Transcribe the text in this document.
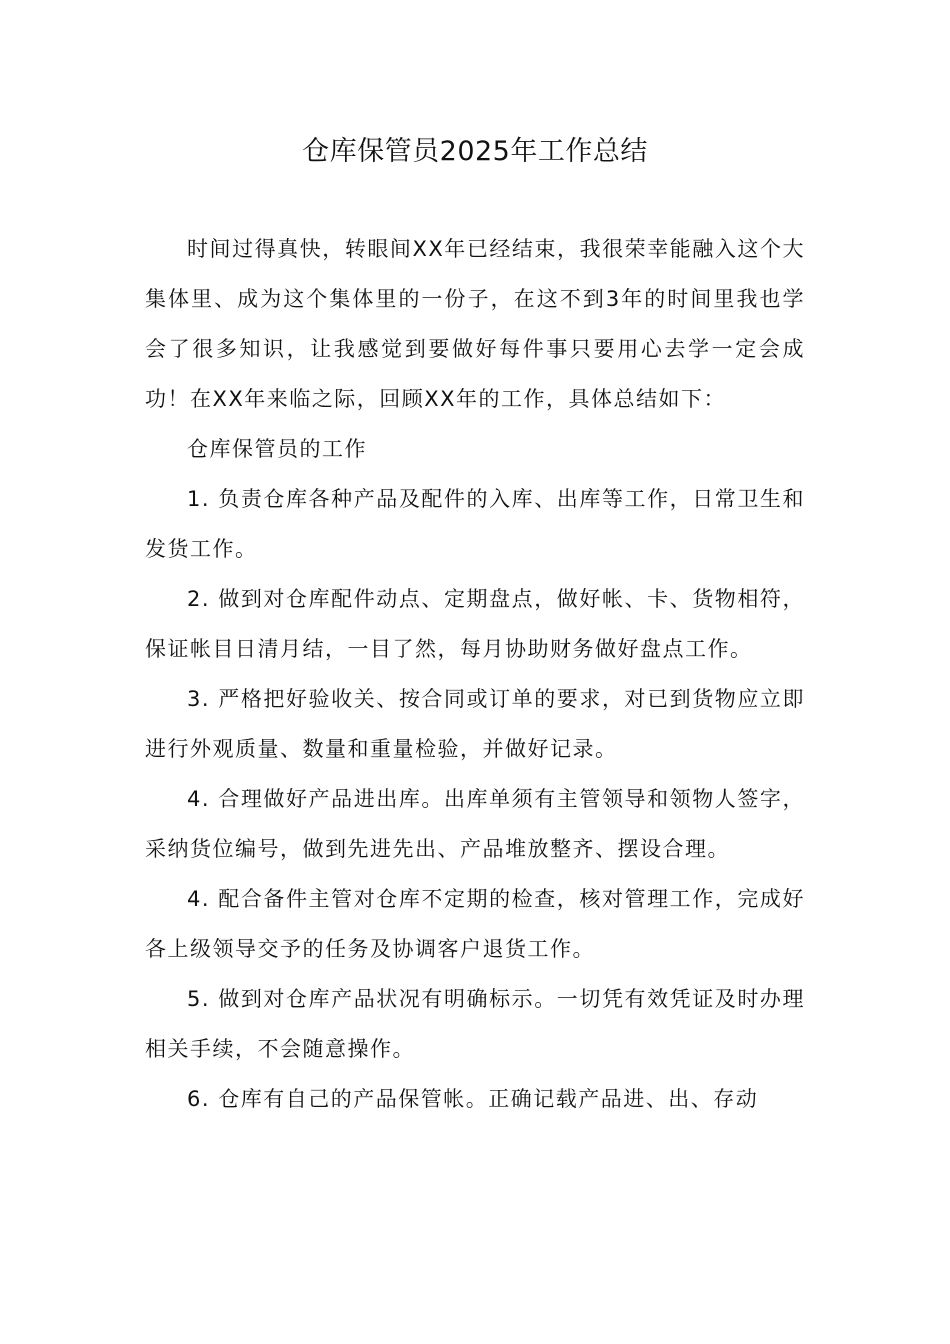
仓库保管员2025年工作总结

时间过得真快，转眼间XX年已经结束，我很荣幸能融入这个大集体里、成为这个集体里的一份子，在这不到3年的时间里我也学会了很多知识，让我感觉到要做好每件事只要用心去学一定会成功！在XX年来临之际，回顾XX年的工作，具体总结如下：

仓库保管员的工作

1. 负责仓库各种产品及配件的入库、出库等工作，日常卫生和发货工作。

2. 做到对仓库配件动点、定期盘点，做好帐、卡、货物相符，保证帐目日清月结，一目了然，每月协助财务做好盘点工作。

3. 严格把好验收关、按合同或订单的要求，对已到货物应立即进行外观质量、数量和重量检验，并做好记录。

4. 合理做好产品进出库。出库单须有主管领导和领物人签字，采纳货位编号，做到先进先出、产品堆放整齐、摆设合理。

4. 配合备件主管对仓库不定期的检查，核对管理工作，完成好各上级领导交予的任务及协调客户退货工作。

5. 做到对仓库产品状况有明确标示。一切凭有效凭证及时办理相关手续，不会随意操作。

6. 仓库有自己的产品保管帐。正确记载产品进、出、存动
